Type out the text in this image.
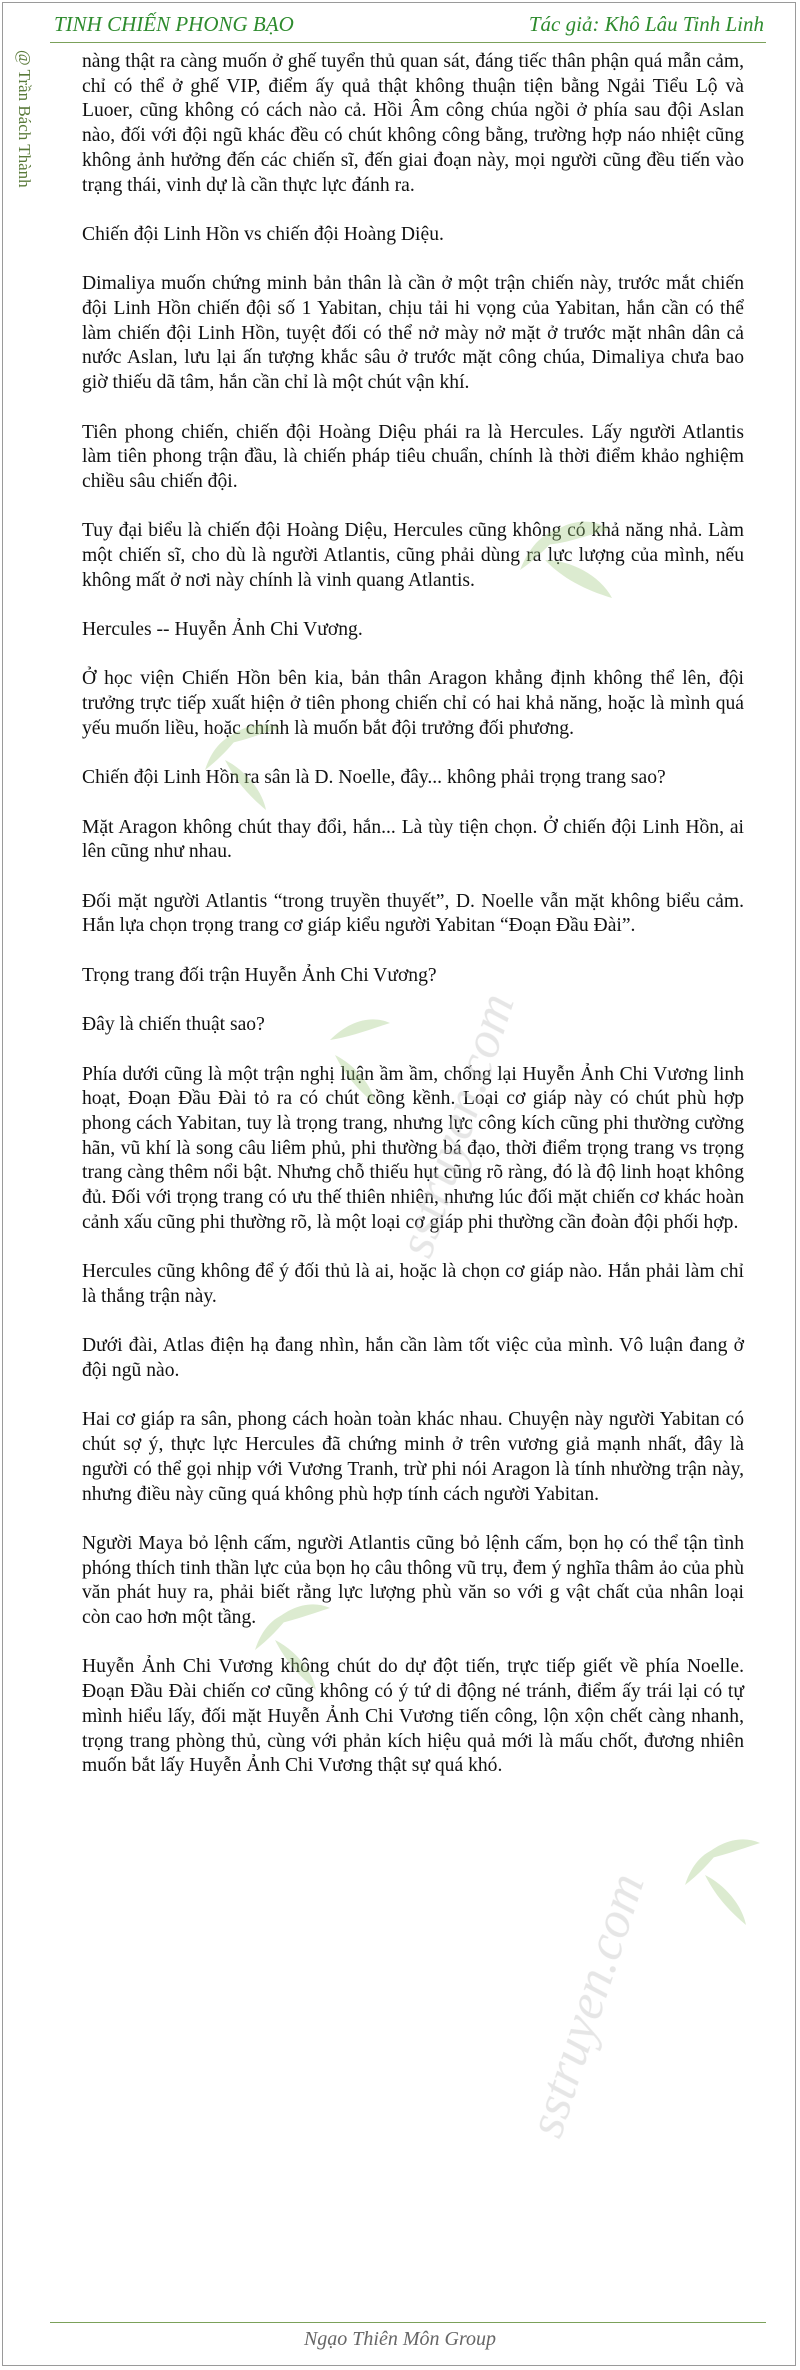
TINH CHIẾN PHONG BẠO	Tác giả: Khô Lâu Tinh Linh
@ Trần Bách Thành nàng thật ra càng muốn ở ghế tuyển thủ quan sát, đáng tiếc thân phận quá mẫn cảm, chỉ có thể ở ghế VIP, điểm ấy quả thật không thuận tiện bằng Ngải Tiểu Lộ và Luoer, cũng không có cách nào cả. Hồi Âm công chúa ngồi ở phía sau đội Aslan nào, đối với đội ngũ khác đều có chút không công bằng, trường hợp náo nhiệt cũng không ảnh hưởng đến các chiến sĩ, đến giai đoạn này, mọi người cũng đều tiến vào trạng thái, vinh dự là cần thực lực đánh ra.

Chiến đội Linh Hồn vs chiến đội Hoàng Diệu.

Dimaliya muốn chứng minh bản thân là cần ở một trận chiến này, trước mắt chiến đội Linh Hồn chiến đội số 1 Yabitan, chịu tải hi vọng của Yabitan, hắn cần có thể làm chiến đội Linh Hồn, tuyệt đối có thể nở mày nở mặt ở trước mặt nhân dân cả nước Aslan, lưu lại ấn tượng khắc sâu ở trước mặt công chúa, Dimaliya chưa bao giờ thiếu dã tâm, hắn cần chỉ là một chút vận khí.

Tiên phong chiến, chiến đội Hoàng Diệu phái ra là Hercules. Lấy người Atlantis làm tiên phong trận đầu, là chiến pháp tiêu chuẩn, chính là thời điểm khảo nghiệm chiều sâu chiến đội.

Tuy đại biểu là chiến đội Hoàng Diệu, Hercules cũng không có khả năng nhả. Làm một chiến sĩ, cho dù là người Atlantis, cũng phải dùng ra lực lượng của mình, nếu không mất ở nơi này chính là vinh quang Atlantis.

Hercules -- Huyễn Ảnh Chi Vương.

Ở học viện Chiến Hồn bên kia, bản thân Aragon khẳng định không thể lên, đội trưởng trực tiếp xuất hiện ở tiên phong chiến chỉ có hai khả năng, hoặc là mình quá yếu muốn liều, hoặc chính là muốn bắt đội trưởng đối phương.

Chiến đội Linh Hồn ra sân là D. Noelle, đây... không phải trọng trang sao?

Mặt Aragon không chút thay đổi, hắn... Là tùy tiện chọn. Ở chiến đội Linh Hồn, ai lên cũng như nhau.

Đối mặt người Atlantis “trong truyền thuyết”, D. Noelle vẫn mặt không biểu cảm. Hắn lựa chọn trọng trang cơ giáp kiểu người Yabitan “Đoạn Đầu Đài”.

Trọng trang đối trận Huyễn Ảnh Chi Vương?

Đây là chiến thuật sao?

Phía dưới cũng là một trận nghị luận ầm ầm, chống lại Huyễn Ảnh Chi Vương linh hoạt, Đoạn Đầu Đài tỏ ra có chút cồng kềnh. Loại cơ giáp này có chút phù hợp phong cách Yabitan, tuy là trọng trang, nhưng lực công kích cũng phi thường cường hãn, vũ khí là song câu liêm phủ, phi thường bá đạo, thời điểm trọng trang vs trọng trang càng thêm nổi bật. Nhưng chỗ thiếu hụt cũng rõ ràng, đó là độ linh hoạt không đủ. Đối với trọng trang có ưu thế thiên nhiên, nhưng lúc đối mặt chiến cơ khác hoàn cảnh xấu cũng phi thường rõ, là một loại cơ giáp phi thường cần đoàn đội phối hợp.

Hercules cũng không để ý đối thủ là ai, hoặc là chọn cơ giáp nào. Hắn phải làm chỉ là thắng trận này.

Dưới đài, Atlas điện hạ đang nhìn, hắn cần làm tốt việc của mình. Vô luận đang ở đội ngũ nào.

Hai cơ giáp ra sân, phong cách hoàn toàn khác nhau. Chuyện này người Yabitan có chút sợ ý, thực lực Hercules đã chứng minh ở trên vương giả mạnh nhất, đây là người có thể gọi nhịp với Vương Tranh, trừ phi nói Aragon là tính nhường trận này, nhưng điều này cũng quá không phù hợp tính cách người Yabitan.

Người Maya bỏ lệnh cấm, người Atlantis cũng bỏ lệnh cấm, bọn họ có thể tận tình phóng thích tinh thần lực của bọn họ câu thông vũ trụ, đem ý nghĩa thâm ảo của phù văn phát huy ra, phải biết rằng lực lượng phù văn so với g vật chất của nhân loại còn cao hơn một tầng.

Huyễn Ảnh Chi Vương không chút do dự đột tiến, trực tiếp giết về phía Noelle. Đoạn Đầu Đài chiến cơ cũng không có ý tứ di động né tránh, điểm ấy trái lại có tự mình hiểu lấy, đối mặt Huyễn Ảnh Chi Vương tiến công, lộn xộn chết càng nhanh, trọng trang phòng thủ, cùng với phản kích hiệu quả mới là mấu chốt, đương nhiên muốn bắt lấy Huyễn Ảnh Chi Vương thật sự quá khó.

sstruyen.com
sstruyen.com
Ngạo Thiên Môn Group
